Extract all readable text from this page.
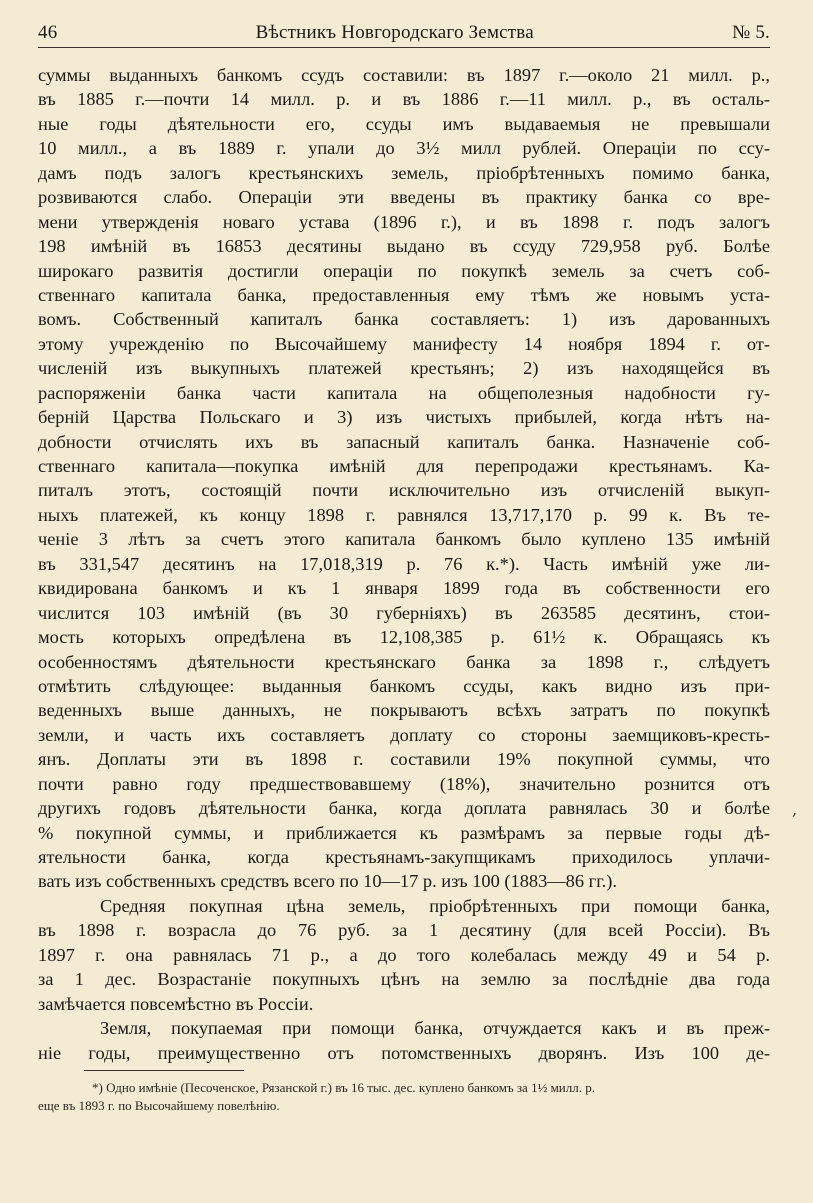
46	Вѣстникъ Новгородскаго Земства	№ 5.
суммы выданныхъ банкомъ ссудъ составили: въ 1897 г.—около 21 милл. р.,
въ 1885 г.—почти 14 милл. р. и въ 1886 г.—11 милл. р., въ осталь-
ные годы дѣятельности его, ссуды имъ выдаваемыя не превышали
10 милл., а въ 1889 г. упали до 3½ милл рублей. Операціи по ссу-
дамъ подъ залогъ крестьянскихъ земель, пріобрѣтенныхъ помимо банка,
розвиваются слабо. Операціи эти введены въ практику банка со вре-
мени утвержденія новаго устава (1896 г.), и въ 1898 г. подъ залогъ
198 имѣній въ 16853 десятины выдано въ ссуду 729,958 руб. Болѣе
широкаго развитія достигли операціи по покупкѣ земель за счетъ соб-
ственнаго капитала банка, предоставленныя ему тѣмъ же новымъ уста-
вомъ. Собственный капиталъ банка составляетъ: 1) изъ дарованныхъ
этому учрежденію по Высочайшему манифесту 14 ноября 1894 г. от-
численій изъ выкупныхъ платежей крестьянъ; 2) изъ находящейся въ
распоряженіи банка части капитала на общеполезныя надобности гу-
берній Царства Польскаго и 3) изъ чистыхъ прибылей, когда нѣтъ на-
добности отчислять ихъ въ запасный капиталъ банка. Назначеніе соб-
ственнаго капитала—покупка имѣній для перепродажи крестьянамъ. Ка-
питалъ этотъ, состоящій почти исключительно изъ отчисленій выкуп-
ныхъ платежей, къ концу 1898 г. равнялся 13,717,170 р. 99 к. Въ те-
ченіе 3 лѣтъ за счетъ этого капитала банкомъ было куплено 135 имѣній
въ 331,547 десятинъ на 17,018,319 р. 76 к.*). Часть имѣній уже ли-
квидирована банкомъ и къ 1 января 1899 года въ собственности его
числится 103 имѣній (въ 30 губерніяхъ) въ 263585 десятинъ, стои-
мость которыхъ опредѣлена въ 12,108,385 р. 61½ к. Обращаясь къ
особенностямъ дѣятельности крестьянскаго банка за 1898 г., слѣдуетъ
отмѣтить слѣдующее: выданныя банкомъ ссуды, какъ видно изъ при-
веденныхъ выше данныхъ, не покрываютъ всѣхъ затратъ по покупкѣ
земли, и часть ихъ составляетъ доплату со стороны заемщиковъ-кресть-
янъ. Доплаты эти въ 1898 г. составили 19% покупной суммы, что
почти равно году предшествовавшему (18%), значительно рознится отъ
другихъ годовъ дѣятельности банка, когда доплата равнялась 30 и болѣе
% покупной суммы, и приближается къ размѣрамъ за первые годы дѣ-
ятельности банка, когда крестьянамъ-закупщикамъ приходилось уплачи-
вать изъ собственныхъ средствъ всего по 10—17 р. изъ 100 (1883—86 гг.).
Средняя покупная цѣна земель, пріобрѣтенныхъ при помощи банка,
въ 1898 г. возрасла до 76 руб. за 1 десятину (для всей Россіи). Въ
1897 г. она равнялась 71 р., а до того колебалась между 49 и 54 р.
за 1 дес. Возрастаніе покупныхъ цѣнъ на землю за послѣдніе два года
замѣчается повсемѣстно въ Россіи.
Земля, покупаемая при помощи банка, отчуждается какъ и въ преж-
ніе годы, преимущественно отъ потомственныхъ дворянъ. Изъ 100 де-
,
*) Одно имѣніе (Песоченское, Рязанской г.) въ 16 тыс. дес. куплено банкомъ за 1½ милл. р.
еще въ 1893 г. по Высочайшему повелѣнію.
